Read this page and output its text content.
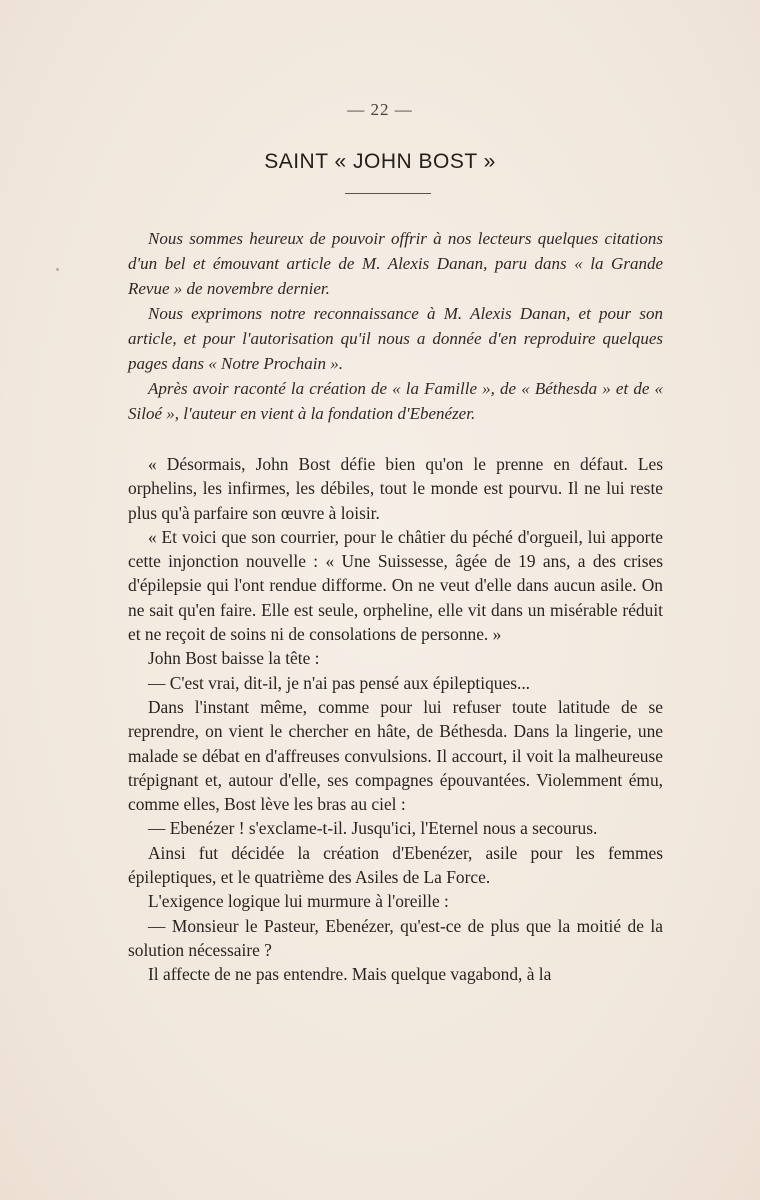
— 22 —
SAINT « JOHN BOST »

Nous sommes heureux de pouvoir offrir à nos lecteurs quelques citations d'un bel et émouvant article de M. Alexis Danan, paru dans « la Grande Revue » de novembre dernier.

Nous exprimons notre reconnaissance à M. Alexis Danan, et pour son article, et pour l'autorisation qu'il nous a donnée d'en reproduire quelques pages dans « Notre Prochain ».

Après avoir raconté la création de « la Famille », de « Béthesda » et de « Siloé », l'auteur en vient à la fondation d'Ebenézer.

« Désormais, John Bost défie bien qu'on le prenne en défaut. Les orphelins, les infirmes, les débiles, tout le monde est pourvu. Il ne lui reste plus qu'à parfaire son œuvre à loisir.

« Et voici que son courrier, pour le châtier du péché d'orgueil, lui apporte cette injonction nouvelle : « Une Suissesse, âgée de 19 ans, a des crises d'épilepsie qui l'ont rendue difforme. On ne veut d'elle dans aucun asile. On ne sait qu'en faire. Elle est seule, orpheline, elle vit dans un misérable réduit et ne reçoit de soins ni de consolations de personne. »

John Bost baisse la tête :

— C'est vrai, dit-il, je n'ai pas pensé aux épileptiques...

Dans l'instant même, comme pour lui refuser toute latitude de se reprendre, on vient le chercher en hâte, de Béthesda. Dans la lingerie, une malade se débat en d'affreuses convulsions. Il accourt, il voit la malheureuse trépignant et, autour d'elle, ses compagnes épouvantées. Violemment ému, comme elles, Bost lève les bras au ciel :

— Ebenézer ! s'exclame-t-il. Jusqu'ici, l'Eternel nous a secourus.

Ainsi fut décidée la création d'Ebenézer, asile pour les femmes épileptiques, et le quatrième des Asiles de La Force.

L'exigence logique lui murmure à l'oreille :

— Monsieur le Pasteur, Ebenézer, qu'est-ce de plus que la moitié de la solution nécessaire ?

Il affecte de ne pas entendre. Mais quelque vagabond, à la
